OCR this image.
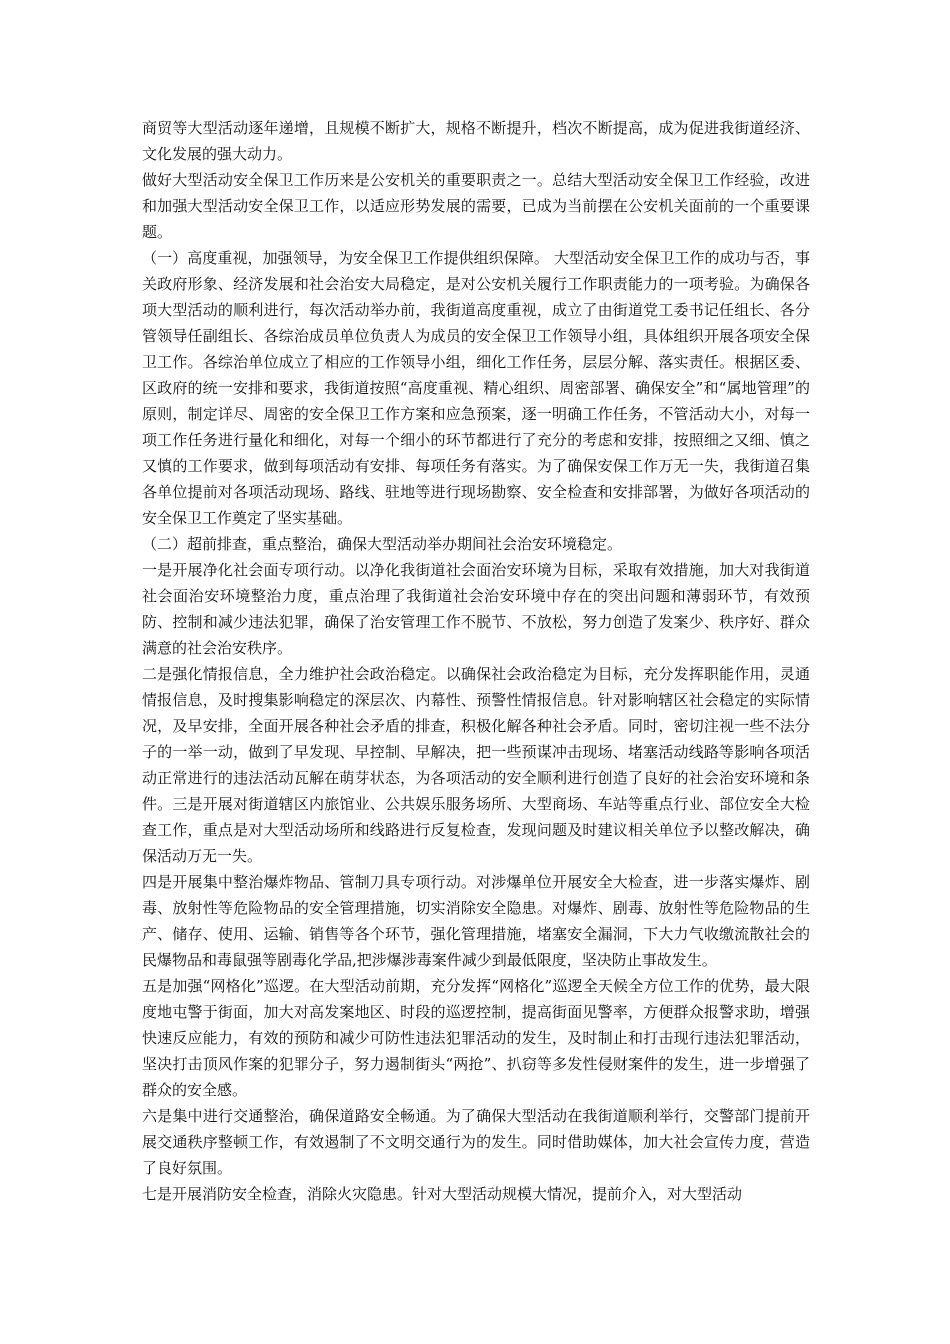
商贸等大型活动逐年递增，且规模不断扩大，规格不断提升，档次不断提高，成为促进我街道经济、文化发展的强大动力。

做好大型活动安全保卫工作历来是公安机关的重要职责之一。总结大型活动安全保卫工作经验，改进和加强大型活动安全保卫工作，以适应形势发展的需要，已成为当前摆在公安机关面前的一个重要课题。

（一）高度重视，加强领导，为安全保卫工作提供组织保障。 大型活动安全保卫工作的成功与否，事关政府形象、经济发展和社会治安大局稳定，是对公安机关履行工作职责能力的一项考验。为确保各项大型活动的顺利进行，每次活动举办前，我街道高度重视，成立了由街道党工委书记任组长、各分管领导任副组长、各综治成员单位负责人为成员的安全保卫工作领导小组，具体组织开展各项安全保卫工作。各综治单位成立了相应的工作领导小组，细化工作任务，层层分解、落实责任。根据区委、区政府的统一安排和要求，我街道按照“高度重视、精心组织、周密部署、确保安全”和“属地管理”的原则，制定详尽、周密的安全保卫工作方案和应急预案，逐一明确工作任务，不管活动大小，对每一项工作任务进行量化和细化，对每一个细小的环节都进行了充分的考虑和安排，按照细之又细、慎之又慎的工作要求，做到每项活动有安排、每项任务有落实。为了确保安保工作万无一失，我街道召集各单位提前对各项活动现场、路线、驻地等进行现场勘察、安全检查和安排部署，为做好各项活动的安全保卫工作奠定了坚实基础。

（二）超前排查，重点整治，确保大型活动举办期间社会治安环境稳定。

一是开展净化社会面专项行动。以净化我街道社会面治安环境为目标，采取有效措施，加大对我街道社会面治安环境整治力度，重点治理了我街道社会治安环境中存在的突出问题和薄弱环节，有效预防、控制和减少违法犯罪，确保了治安管理工作不脱节、不放松，努力创造了发案少、秩序好、群众满意的社会治安秩序。

二是强化情报信息，全力维护社会政治稳定。以确保社会政治稳定为目标，充分发挥职能作用，灵通情报信息，及时搜集影响稳定的深层次、内幕性、预警性情报信息。针对影响辖区社会稳定的实际情况，及早安排，全面开展各种社会矛盾的排查，积极化解各种社会矛盾。同时，密切注视一些不法分子的一举一动，做到了早发现、早控制、早解决，把一些预谋冲击现场、堵塞活动线路等影响各项活动正常进行的违法活动瓦解在萌芽状态，为各项活动的安全顺利进行创造了良好的社会治安环境和条件。三是开展对街道辖区内旅馆业、公共娱乐服务场所、大型商场、车站等重点行业、部位安全大检查工作，重点是对大型活动场所和线路进行反复检查，发现问题及时建议相关单位予以整改解决，确保活动万无一失。

四是开展集中整治爆炸物品、管制刀具专项行动。对涉爆单位开展安全大检查，进一步落实爆炸、剧毒、放射性等危险物品的安全管理措施，切实消除安全隐患。对爆炸、剧毒、放射性等危险物品的生产、储存、使用、运输、销售等各个环节，强化管理措施，堵塞安全漏洞，下大力气收缴流散社会的民爆物品和毒鼠强等剧毒化学品,把涉爆涉毒案件减少到最低限度，坚决防止事故发生。

五是加强“网格化”巡逻。在大型活动前期，充分发挥“网格化”巡逻全天候全方位工作的优势，最大限度地屯警于街面，加大对高发案地区、时段的巡逻控制，提高街面见警率，方便群众报警求助，增强快速反应能力，有效的预防和减少可防性违法犯罪活动的发生，及时制止和打击现行违法犯罪活动，坚决打击顶风作案的犯罪分子，努力遏制街头“两抢”、扒窃等多发性侵财案件的发生，进一步增强了群众的安全感。

六是集中进行交通整治，确保道路安全畅通。为了确保大型活动在我街道顺利举行，交警部门提前开展交通秩序整顿工作，有效遏制了不文明交通行为的发生。同时借助媒体，加大社会宣传力度，营造了良好氛围。

七是开展消防安全检查，消除火灾隐患。针对大型活动规模大情况，提前介入，对大型活动
